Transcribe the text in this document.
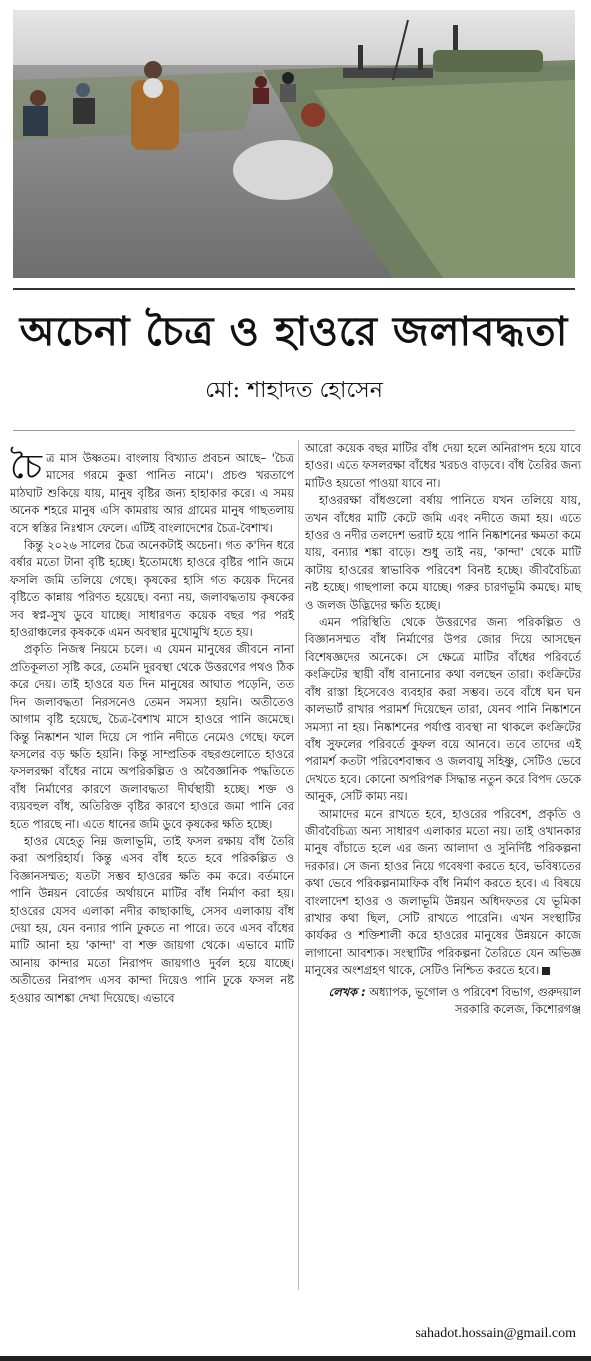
অচেনা চৈত্র ও হাওরে জলাবদ্ধতা
মো: শাহাদত হোসেন

চৈত্র মাস উষ্ণতম। বাংলায় বিখ্যাত প্রবচন আছে– 'চৈত্র মাসের গরমে কুত্তা পানিত নামে'। প্রচণ্ড খরতাপে মাঠঘাট শুকিয়ে যায়, মানুষ বৃষ্টির জন্য হাহাকার করে। এ সময় অনেক শহরে মানুষ এসি কামরায় আর গ্রামের মানুষ গাছতলায় বসে স্বস্তির নিঃশ্বাস ফেলে। এটিই বাংলাদেশের চৈত্র-বৈশাখ।

কিন্তু ২০২৬ সালের চৈত্র অনেকটাই অচেনা। গত ক'দিন ধরে বর্ষার মতো টানা বৃষ্টি হচ্ছে। ইতোমধ্যে হাওরে বৃষ্টির পানি জমে ফসলি জমি তলিয়ে গেছে। কৃষকের হাসি গত কয়েক দিনের বৃষ্টিতে কান্নায় পরিণত হয়েছে। বন্যা নয়, জলাবদ্ধতায় কৃষকের সব স্বপ্ন-সুখ ডুবে যাচ্ছে। সাধারণত কয়েক বছর পর পরই হাওরাঞ্চলের কৃষককে এমন অবস্থার মুখোমুখি হতে হয়।

প্রকৃতি নিজস্ব নিয়মে চলে। এ যেমন মানুষের জীবনে নানা প্রতিকূলতা সৃষ্টি করে, তেমনি দুরবস্থা থেকে উত্তরণের পথও ঠিক করে দেয়। তাই হাওরে যত দিন মানুষের আঘাত পড়েনি, তত দিন জলাবদ্ধতা নিরসনেও তেমন সমস্যা হয়নি। অতীতেও আগাম বৃষ্টি হয়েছে, চৈত্র-বৈশাখ মাসে হাওরে পানি জমেছে। কিন্তু নিষ্কাশন খাল দিয়ে সে পানি নদীতে নেমেও গেছে। ফলে ফসলের বড় ক্ষতি হয়নি। কিন্তু সাম্প্রতিক বছরগুলোতে হাওরে ফসলরক্ষা বাঁধের নামে অপরিকল্পিত ও অবৈজ্ঞানিক পদ্ধতিতে বাঁধ নির্মাণের কারণে জলাবদ্ধতা দীর্ঘস্থায়ী হচ্ছে। শক্ত ও ব্যয়বহুল বাঁধ, অতিরিক্ত বৃষ্টির কারণে হাওরে জমা পানি বের হতে পারছে না। এতে ধানের জমি ডুবে কৃষকের ক্ষতি হচ্ছে।

হাওর যেহেতু নিম্ন জলাভূমি, তাই ফসল রক্ষায় বাঁধ তৈরি করা অপরিহার্য। কিন্তু এসব বাঁধ হতে হবে পরিকল্পিত ও বিজ্ঞানসম্মত; যতটা সম্ভব হাওরের ক্ষতি কম করে। বর্তমানে পানি উন্নয়ন বোর্ডের অর্থায়নে মাটির বাঁধ নির্মাণ করা হয়। হাওরের যেসব এলাকা নদীর কাছাকাছি, সেসব এলাকায় বাঁধ দেয়া হয়, যেন বন্যার পানি ঢুকতে না পারে। তবে এসব বাঁধের মাটি আনা হয় 'কান্দা' বা শক্ত জায়গা থেকে। এভাবে মাটি আনায় কান্দার মতো নিরাপদ জায়গাও দুর্বল হয়ে যাচ্ছে। অতীতের নিরাপদ এসব কান্দা দিয়েও পানি ঢুকে ফসল নষ্ট হওয়ার আশঙ্কা দেখা দিয়েছে। এভাবে

আরো কয়েক বছর মাটির বাঁধ দেয়া হলে অনিরাপদ হয়ে যাবে হাওর। এতে ফসলরক্ষা বাঁধের খরচও বাড়বে। বাঁধ তৈরির জন্য মাটিও হয়তো পাওয়া যাবে না।

হাওররক্ষা বাঁধগুলো বর্ষায় পানিতে যখন তলিয়ে যায়, তখন বাঁধের মাটি কেটে জমি এবং নদীতে জমা হয়। এতে হাওর ও নদীর তলদেশ ভরাট হয়ে পানি নিষ্কাশনের ক্ষমতা কমে যায়, বন্যার শঙ্কা বাড়ে। শুধু তাই নয়, 'কান্দা' থেকে মাটি কাটায় হাওরের স্বাভাবিক পরিবেশ বিনষ্ট হচ্ছে। জীববৈচিত্র্য নষ্ট হচ্ছে। গাছপালা কমে যাচ্ছে। গরুর চারণভূমি কমছে। মাছ ও জলজ উদ্ভিদের ক্ষতি হচ্ছে।

এমন পরিস্থিতি থেকে উত্তরণের জন্য পরিকল্পিত ও বিজ্ঞানসম্মত বাঁধ নির্মাণের উপর জোর দিয়ে আসছেন বিশেষজ্ঞদের অনেকে। সে ক্ষেত্রে মাটির বাঁধের পরিবর্তে কংক্রিটের স্থায়ী বাঁধ বানানোর কথা বলছেন তারা। কংক্রিটের বাঁধ রাস্তা হিসেবেও ব্যবহার করা সম্ভব। তবে বাঁধে ঘন ঘন কালভার্ট রাখার পরামর্শ দিয়েছেন তারা, যেনব পানি নিষ্কাশনে সমস্যা না হয়। নিষ্কাশনের পর্যাপ্ত ব্যবস্থা না থাকলে কংক্রিটের বাঁধ সুফলের পরিবর্তে কুফল বয়ে আনবে। তবে তাদের এই পরামর্শ কতটা পরিবেশবান্ধব ও জলবায়ু সহিষ্ণু, সেটিও ভেবে দেখতে হবে। কোনো অপরিপক্ব সিদ্ধান্ত নতুন করে বিপদ ডেকে আনুক, সেটি কাম্য নয়।

আমাদের মনে রাখতে হবে, হাওরের পরিবেশ, প্রকৃতি ও জীববৈচিত্র্য অন্য সাধারণ এলাকার মতো নয়। তাই ওখানকার মানুষ বাঁচাতে হলে এর জন্য আলাদা ও সুনির্দিষ্ট পরিকল্পনা দরকার। সে জন্য হাওর নিয়ে গবেষণা করতে হবে, ভবিষ্যতের কথা ভেবে পরিকল্পনামাফিক বাঁধ নির্মাণ করতে হবে। এ বিষয়ে বাংলাদেশ হাওর ও জলাভূমি উন্নয়ন অধিদফতর যে ভূমিকা রাখার কথা ছিল, সেটি রাখতে পারেনি। এখন সংস্থাটির কার্যকর ও শক্তিশালী করে হাওরের মানুষের উন্নয়নে কাজে লাগানো আবশ্যক। সংস্থাটির পরিকল্পনা তৈরিতে যেন অভিজ্ঞ মানুষের অংশগ্রহণ থাকে, সেটিও নিশ্চিত করতে হবে।

লেখক : অধ্যাপক, ভূগোল ও পরিবেশ বিভাগ, গুরুদয়াল সরকারি কলেজ, কিশোরগঞ্জ
sahadot.hossain@gmail.com
